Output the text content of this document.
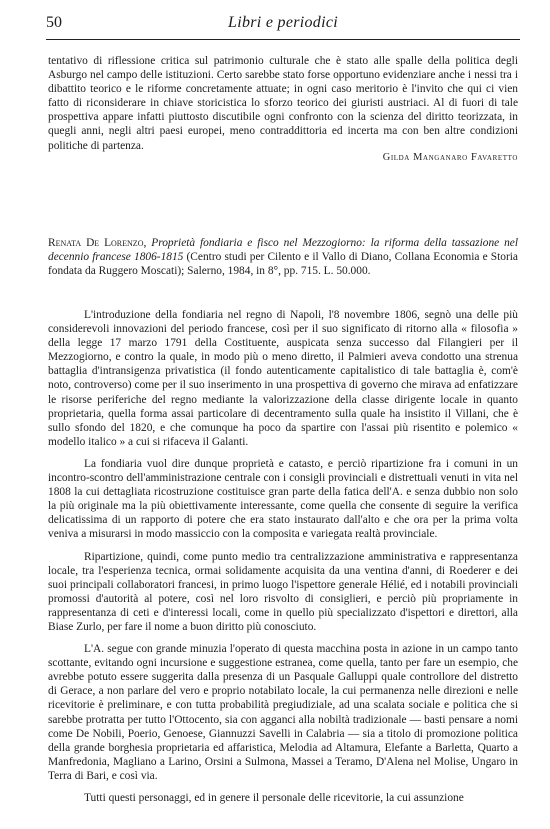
50	Libri e periodici
tentativo di riflessione critica sul patrimonio culturale che è stato alle spalle della politica degli Asburgo nel campo delle istituzioni. Certo sarebbe stato forse opportuno evidenziare anche i nessi tra i dibattito teorico e le riforme concretamente attuate; in ogni caso meritorio è l'invito che qui ci vien fatto di riconsiderare in chiave storicistica lo sforzo teorico dei giuristi austriaci. Al di fuori di tale prospettiva appare infatti piuttosto discutibile ogni confronto con la scienza del diritto teorizzata, in quegli anni, negli altri paesi europei, meno contraddittoria ed incerta ma con ben altre condizioni politiche di partenza.
Gilda Manganaro Favaretto
Renata De Lorenzo, Proprietà fondiaria e fisco nel Mezzogiorno: la riforma della tassazione nel decennio francese 1806-1815 (Centro studi per Cilento e il Vallo di Diano, Collana Economia e Storia fondata da Ruggero Moscati); Salerno, 1984, in 8°, pp. 715. L. 50.000.

L'introduzione della fondiaria nel regno di Napoli, l'8 novembre 1806, segnò una delle più considerevoli innovazioni del periodo francese, così per il suo significato di ritorno alla « filosofia » della legge 17 marzo 1791 della Costituente, auspicata senza successo dal Filangieri per il Mezzogiorno, e contro la quale, in modo più o meno diretto, il Palmieri aveva condotto una strenua battaglia d'intransigenza privatistica (il fondo autenticamente capitalistico di tale battaglia è, com'è noto, controverso) come per il suo inserimento in una prospettiva di governo che mirava ad enfatizzare le risorse periferiche del regno mediante la valorizzazione della classe dirigente locale in quanto proprietaria, quella forma assai particolare di decentramento sulla quale ha insistito il Villani, che è sullo sfondo del 1820, e che comunque ha poco da spartire con l'assai più risentito e polemico « modello italico » a cui si rifaceva il Galanti.

La fondiaria vuol dire dunque proprietà e catasto, e perciò ripartizione fra i comuni in un incontro-scontro dell'amministrazione centrale con i consigli provinciali e distrettuali venuti in vita nel 1808 la cui dettagliata ricostruzione costituisce gran parte della fatica dell'A. e senza dubbio non solo la più originale ma la più obiettivamente interessante, come quella che consente di seguire la verifica delicatissima di un rapporto di potere che era stato instaurato dall'alto e che ora per la prima volta veniva a misurarsi in modo massiccio con la composita e variegata realtà provinciale.

Ripartizione, quindi, come punto medio tra centralizzazione amministrativa e rappresentanza locale, tra l'esperienza tecnica, ormai solidamente acquisita da una ventina d'anni, di Roederer e dei suoi principali collaboratori francesi, in primo luogo l'ispettore generale Hélié, ed i notabili provinciali promossi d'autorità al potere, così nel loro risvolto di consiglieri, e perciò più propriamente in rappresentanza di ceti e d'interessi locali, come in quello più specializzato d'ispettori e direttori, alla Biase Zurlo, per fare il nome a buon diritto più conosciuto.

L'A. segue con grande minuzia l'operato di questa macchina posta in azione in un campo tanto scottante, evitando ogni incursione e suggestione estranea, come quella, tanto per fare un esempio, che avrebbe potuto essere suggerita dalla presenza di un Pasquale Galluppi quale controllore del distretto di Gerace, a non parlare del vero e proprio notabilato locale, la cui permanenza nelle direzioni e nelle ricevitorie è preliminare, e con tutta probabilità pregiudiziale, ad una scalata sociale e politica che si sarebbe protratta per tutto l'Ottocento, sia con agganci alla nobiltà tradizionale — basti pensare a nomi come De Nobili, Poerio, Genoese, Giannuzzi Savelli in Calabria — sia a titolo di promozione politica della grande borghesia proprietaria ed affaristica, Melodia ad Altamura, Elefante a Barletta, Quarto a Manfredonia, Magliano a Larino, Orsini a Sulmona, Massei a Teramo, D'Alena nel Molise, Ungaro in Terra di Bari, e così via.

Tutti questi personaggi, ed in genere il personale delle ricevitorie, la cui assunzione
